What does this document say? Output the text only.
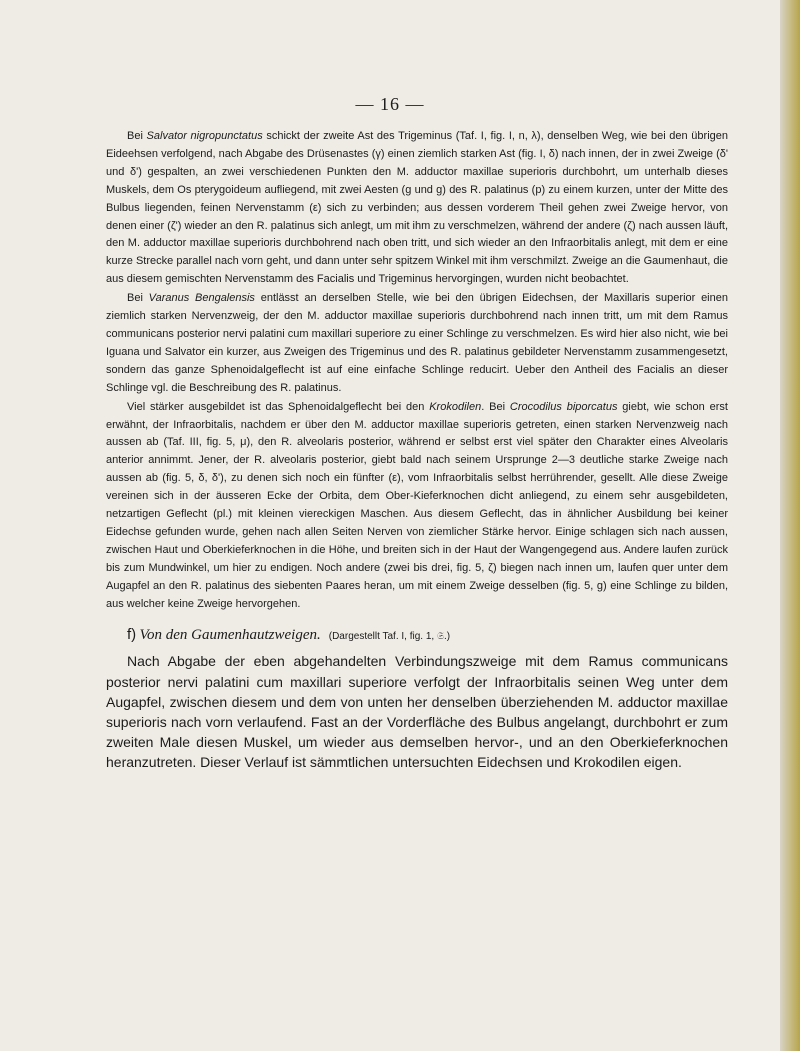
— 16 —

Bei Salvator nigropunctatus schickt der zweite Ast des Trigeminus (Taf. I, fig. I, n, λ), denselben Weg, wie bei den übrigen Eideehsen verfolgend, nach Abgabe des Drüsenastes (γ) einen ziemlich starken Ast (fig. I, δ) nach innen, der in zwei Zweige (δ' und δ') gespalten, an zwei verschiedenen Punkten den M. adductor maxillae superioris durchbohrt, um unterhalb dieses Muskels, dem Os pterygoideum aufliegend, mit zwei Aesten (g und g) des R. palatinus (p) zu einem kurzen, unter der Mitte des Bulbus liegenden, feinen Nervenstamm (ε) sich zu verbinden; aus dessen vorderem Theil gehen zwei Zweige hervor, von denen einer (ζ') wieder an den R. palatinus sich anlegt, um mit ihm zu verschmelzen, während der andere (ζ) nach aussen läuft, den M. adductor maxillae superioris durchbohrend nach oben tritt, und sich wieder an den Infraorbitalis anlegt, mit dem er eine kurze Strecke parallel nach vorn geht, und dann unter sehr spitzem Winkel mit ihm verschmilzt. Zweige an die Gaumenhaut, die aus diesem gemischten Nervenstamm des Facialis und Trigeminus hervorgingen, wurden nicht beobachtet.

Bei Varanus Bengalensis entlässt an derselben Stelle, wie bei den übrigen Eidechsen, der Maxillaris superior einen ziemlich starken Nervenzweig, der den M. adductor maxillae superioris durchbohrend nach innen tritt, um mit dem Ramus communicans posterior nervi palatini cum maxillari superiore zu einer Schlinge zu verschmelzen. Es wird hier also nicht, wie bei Iguana und Salvator ein kurzer, aus Zweigen des Trigeminus und des R. palatinus gebildeter Nervenstamm zusammengesetzt, sondern das ganze Sphenoidalgeflecht ist auf eine einfache Schlinge reducirt. Ueber den Antheil des Facialis an dieser Schlinge vgl. die Beschreibung des R. palatinus.

Viel stärker ausgebildet ist das Sphenoidalgeflecht bei den Krokodilen. Bei Crocodilus biporcatus giebt, wie schon erst erwähnt, der Infraorbitalis, nachdem er über den M. adductor maxillae superioris getreten, einen starken Nervenzweig nach aussen ab (Taf. III, fig. 5, μ), den R. alveolaris posterior, während er selbst erst viel später den Charakter eines Alveolaris anterior annimmt. Jener, der R. alveolaris posterior, giebt bald nach seinem Ursprunge 2—3 deutliche starke Zweige nach aussen ab (fig. 5, δ, δ'), zu denen sich noch ein fünfter (ε), vom Infraorbitalis selbst herrührender, gesellt. Alle diese Zweige vereinen sich in der äusseren Ecke der Orbita, dem Ober-Kieferknochen dicht anliegend, zu einem sehr ausgebildeten, netzartigen Geflecht (pl.) mit kleinen viereckigen Maschen. Aus diesem Geflecht, das in ähnlicher Ausbildung bei keiner Eidechse gefunden wurde, gehen nach allen Seiten Nerven von ziemlicher Stärke hervor. Einige schlagen sich nach aussen, zwischen Haut und Oberkieferknochen in die Höhe, und breiten sich in der Haut der Wangengegend aus. Andere laufen zurück bis zum Mundwinkel, um hier zu endigen. Noch andere (zwei bis drei, fig. 5, ζ) biegen nach innen um, laufen quer unter dem Augapfel an den R. palatinus des siebenten Paares heran, um mit einem Zweige desselben (fig. 5, g) eine Schlinge zu bilden, aus welcher keine Zweige hervorgehen.

f) Von den Gaumenhautzweigen. (Dargestellt Taf. I, fig. 1, 𝔖.)

Nach Abgabe der eben abgehandelten Verbindungszweige mit dem Ramus communicans posterior nervi palatini cum maxillari superiore verfolgt der Infraorbitalis seinen Weg unter dem Augapfel, zwischen diesem und dem von unten her denselben überziehenden M. adductor maxillae superioris nach vorn verlaufend. Fast an der Vorderfläche des Bulbus angelangt, durchbohrt er zum zweiten Male diesen Muskel, um wieder aus demselben hervor-, und an den Oberkieferknochen heranzutreten. Dieser Verlauf ist sämmtlichen untersuchten Eidechsen und Krokodilen eigen.
